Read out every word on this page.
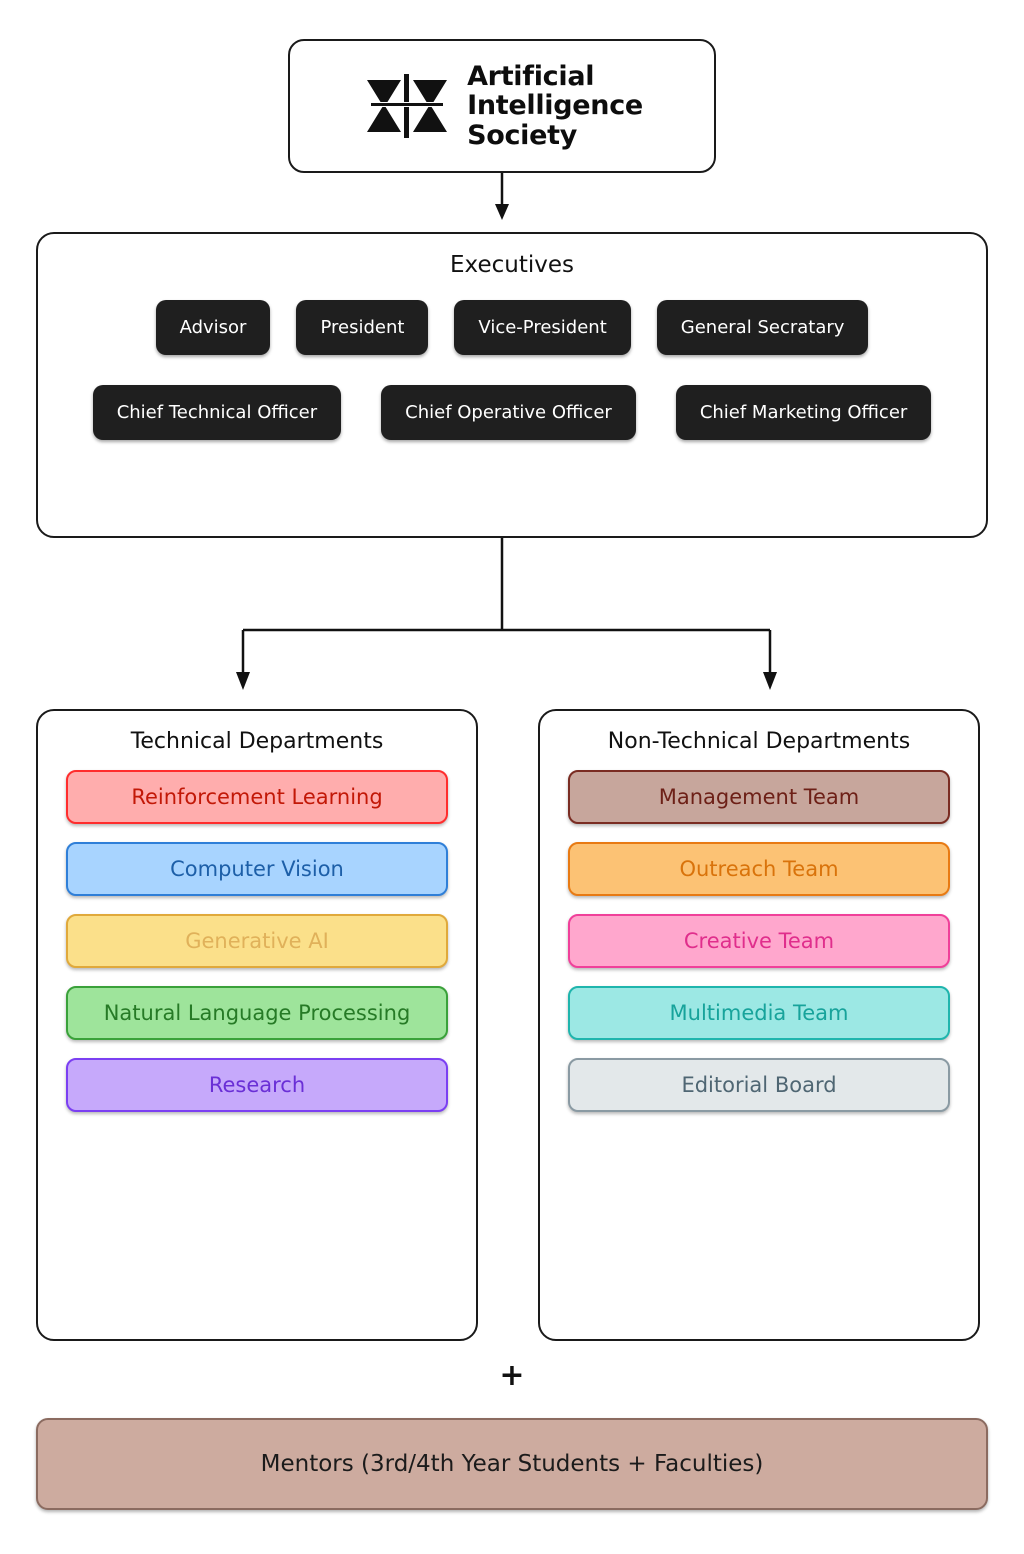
Artificial
Intelligence
Society
Executives
Advisor	President	Vice-President	General Secratary
Chief Technical Officer	Chief Operative Officer	Chief Marketing Officer
Technical Departments
Reinforcement Learning
Computer Vision
Generative AI
Natural Language Processing
Research
Non-Technical Departments
Management Team
Outreach Team
Creative Team
Multimedia Team
Editorial Board
+
Mentors (3rd/4th Year Students + Faculties)
